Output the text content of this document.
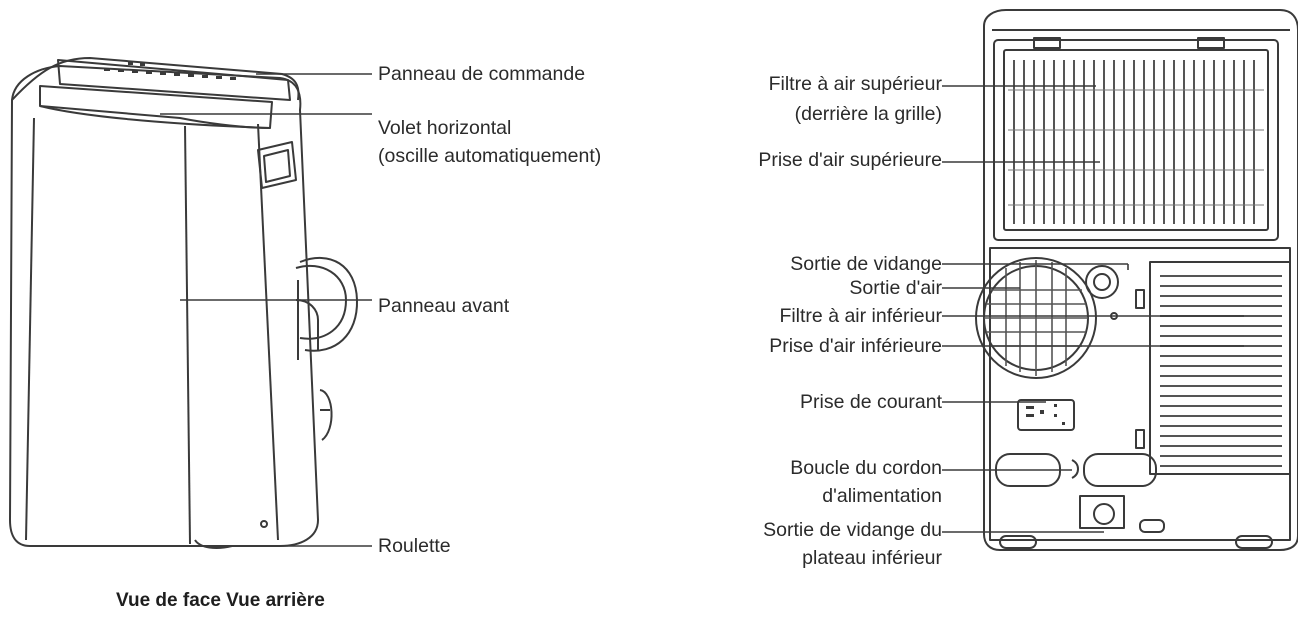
Panneau de commande
Volet horizontal
(oscille automatiquement)
Panneau avant
Roulette
Filtre à air supérieur
(derrière la grille)
Prise d'air supérieure
Sortie de vidange
Sortie d'air
Filtre à air inférieur
Prise d'air inférieure
Prise de courant
Boucle du cordon
d'alimentation
Sortie de vidange du
plateau inférieur
Vue de face Vue arrière
